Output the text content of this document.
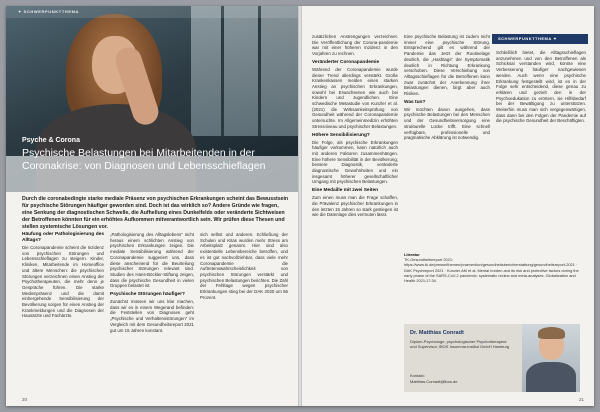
✦ SCHWERPUNKTTHEMA
Psyche & Corona
Psychische Belastungen bei Mitarbeitenden in der Coronakrise: von Diagnosen und Lebensschieflagen
Durch die coronabedingte starke mediale Präsenz von psychischen Erkrankungen scheint das Bewusstsein für psychische Störungen häufiger geworden sind. Doch ist das wirklich so? Andere Gründe wie fragen, eine Senkung der diagnostischen Schwelle, die Aufhellung eines Dunkelfelds oder veränderte Sichtweisen der Betroffenen könnten für ein erhöhtes Aufkommen mitverantwortlich sein. Wir prüfen diese Thesen und stellen systemische Lösungen vor.
Häufung oder Pathologisierung des Alltags?

Die Coronapandemie scheint die Inzidenz von psychischen Störungen und Lebensschieflagen zu steigern. Kinder, Kliniken, Mitarbeitende im Homeoffice und ältere Menschen: die psychischen Störungen verzeichnen einen Anstieg der Psychotherapeuten, die mehr denn je Gespräche führen. Die starke Medienpräsenz und die damit einhergehende Sensibilisierung der Bevölkerung sorgen für einen Anstieg der Krankmeldungen und die Diagnosen der Hausärzte und Fachärzte.

„Pathologisierung des Alltagslebens“ nicht heraus einem schlichten Anstieg von psychischen Erkrankungen zeigen. Die mediale Sensibilisierung während der Coronapandemie suggeriert uns, dass diese anscheinend für die Beurteilung psychischer Störungen relevant sind. Studien des Hans-Böckler-Stiftung zeigen, dass die psychische Gesundheit in vielen Gruppen belastet ist.

Psychische Störungen häufiger?

Zunächst müssen wir uns klar machen, dass wir es in einem Wegerand befinden: die Feststellen von Diagnosen geht „Psychische und Verhaltensstörungen“ im Vergleich mit dem Gesundheitsreport 2021 gut um 15 Jahren konstant.

sich selbst und anderen. Schließung der Schulen und Kitas wurden mehr Stress am Arbeitsplatz genannt. Hier sind also existentielle Lebensbereiche betroffen, und es ist gut nachvollziehbar, dass viele mehr Coronapandemie die Auftretenswahrscheinlichkeit von psychischen Störungen verstärkt und psychischen Belastungen berichten. Die Zahl der Fehltage wegen psychischer Erkrankungen stieg bei der DAK 2020 um 56 Prozent.

20
SCHWERPUNKTTHEMA ✦

zusätzlichen Anstrengungen verzeichnet. Die Veröffentlichung der Corona-pandemie war mit einer höheren Inzidenz in den Vorjahren zu rechnen.

Veränderter Coronapandemie

Während der Coronapandemie wurde dieser Trend allerdings verstärkt. Große Krankenkassen melden einen starken Anstieg an psychischen Erkrankungen, sowohl bei Erwachsenen wie auch bei Kindern und Jugendlichen. Eine schwedische Metastudie von Kunzler et al. (2021) die Wirksamkeitsprüfung von Gesundheit während der Coronapandemie untersuchte. Im Allgemeinmedizin erhöhten Stressniveau und psychischer Belastungen.

Höhere Sensibilisierung?

Die Folge, als psychische Erkrankungen häufiger vorkommen, kann natürlich auch mit anderen Faktoren zusammenhängen. Eine höhere Sensibilität in der Bevölkerung, bessere Diagnostik, veränderte diagnostische Gewohnheiten und ein insgesamt höherer gesellschaftlicher Umgang mit psychischen Belastungen.

Eine Medaille mit zwei Seiten

Zum einen muss man die Frage schaffen, die Prävalenz psychischer Erkrankungen in den letzten 15 Jahren so stark gestiegen ist wie die Datenlage dies vermuten lässt.

Eine psychische Belastung ist zudem nicht immer eine psychische Störung. Entsprechend gilt es während der Pandemie das Jetzt der Routinelage deutlich, die „Hashtags“ der Symptomatik deutlich in Richtung Erkrankung verschoben. Diese Verschiebung von Alltagsschieflagen für die Betroffenen kann zwar zunächst der Anerkennung ihrer Belastungen dienen, birgt aber auch Risiken.

Was tun?

Wir möchten davon ausgehen, dass psychische Belastungen bei den Menschen und der Gesundheitsversorgung eine strukturelle Lücke trifft. Eine schnell verfügbare, professionelle und pragmatische Abklärung ist notwendig.

Schließlich bietet, die Alltagsschieflagen anzunehmen und von den Betroffenen als Schicksal verstanden wird, könnte eine Verbesserung häufiger nachgewiesen werden. Auch wenn eine psychische Erkrankung festgestellt wird, ist es in der Folge sehr entscheidend, diese genau zu erklären und gezielt den in der Psychoedukation zu erörtern, sie Hilfsbedarf bei der Bewältigung zu unterstützen. Weiterhin muss man sich vergegenwärtigen, dass dann bei den Folgen der Pandemie auf die psychische Gesundheit der Beschäftigten.

Literatur
TK-Gesundheitsreport 2021: https://www.tk.de/presse/themen/praevention/gesundheitsberichterstattung/gesundheitsreport-2021 · DAK Psychreport 2021 · Kunzler AM et al. Mental burden and its risk and protective factors during the early phase of the SARS-CoV-2 pandemic: systematic review and meta-analyses. Globalization and Health 2021;17:34.
Dr. Matthias Conradt
Diplom-Psychologe, psychologischer Psychotherapeut und Supervisor, IBOS Insomnia-Institut GmbH Hamburg
Kontakt:
Matthias.Conradt@ibos.de
21
